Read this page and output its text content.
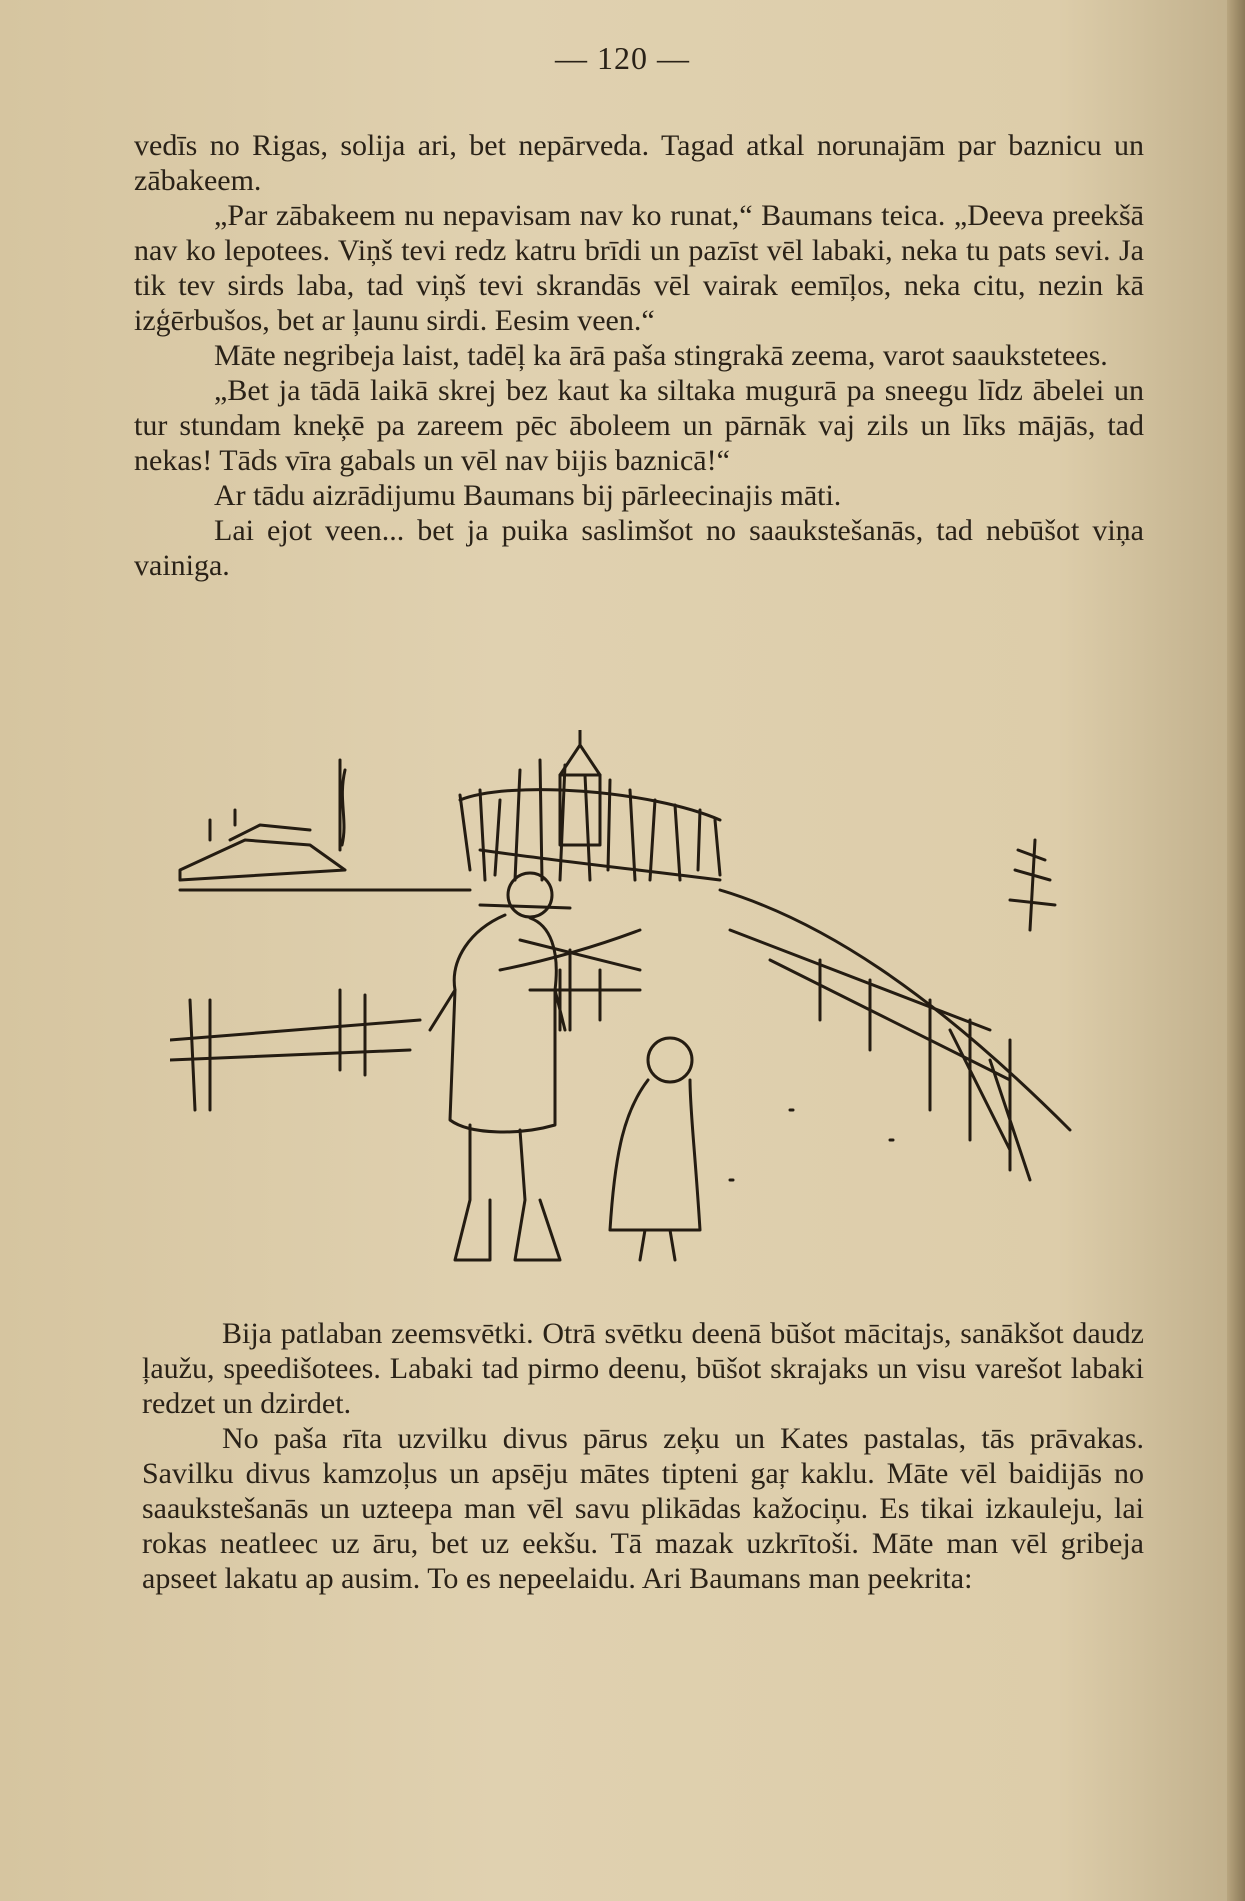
— 120 —

vedīs no Rigas, solija ari, bet nepārveda. Tagad atkal norunajām par baznicu un zābakeem.

„Par zābakeem nu nepavisam nav ko runat,“ Baumans teica. „Deeva preekšā nav ko lepotees. Viņš tevi redz katru brīdi un pazīst vēl labaki, neka tu pats sevi. Ja tik tev sirds laba, tad viņš tevi skrandās vēl vairak eemīļos, neka citu, nezin kā izģērbušos, bet ar ļaunu sirdi. Eesim veen.“

Māte negribeja laist, tadēļ ka ārā paša stingrakā zeema, varot saaukstetees.

„Bet ja tādā laikā skrej bez kaut ka siltaka mugurā pa sneegu līdz ābelei un tur stundam kneķē pa zareem pēc āboleem un pārnāk vaj zils un līks mājās, tad nekas! Tāds vīra gabals un vēl nav bijis baznicā!“

Ar tādu aizrādijumu Baumans bij pārleecinajis māti.

Lai ejot veen... bet ja puika saslimšot no saaukstešanās, tad nebūšot viņa vainiga.

Bija patlaban zeemsvētki. Otrā svētku deenā būšot mācitajs, sanākšot daudz ļaužu, speedišotees. Labaki tad pirmo deenu, būšot skrajaks un visu varešot labaki redzet un dzirdet.

No paša rīta uzvilku divus pārus zeķu un Kates pastalas, tās prāvakas. Savilku divus kamzoļus un apsēju mātes tipteni gaŗ kaklu. Māte vēl baidijās no saaukstešanās un uzteepa man vēl savu plikādas kažociņu. Es tikai izkauleju, lai rokas neatleec uz āru, bet uz eekšu. Tā mazak uzkrītoši. Māte man vēl gribeja apseet lakatu ap ausim. To es nepeelaidu. Ari Baumans man peekrita:
